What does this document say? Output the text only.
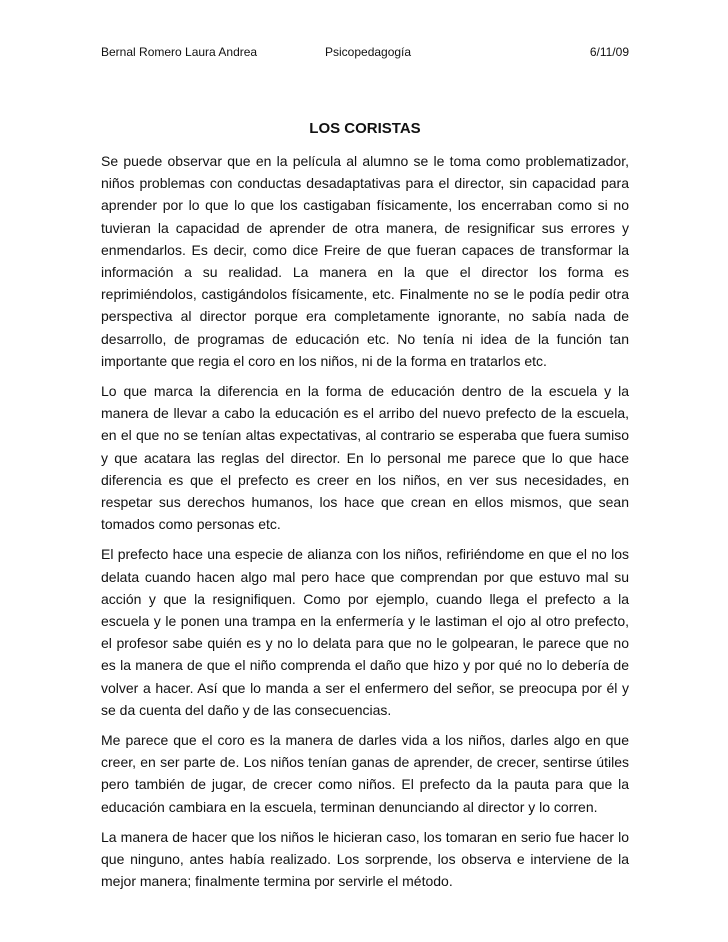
Bernal Romero Laura Andrea	Psicopedagogía	6/11/09
LOS CORISTAS

Se puede observar que en la película al alumno se le toma como problematizador, niños problemas con conductas desadaptativas para el director, sin capacidad para aprender por lo que lo que los castigaban físicamente, los encerraban como si no tuvieran la capacidad de aprender de otra manera, de resignificar sus errores y enmendarlos. Es decir, como dice Freire de que fueran capaces de transformar la información a su realidad. La manera en la que el director los forma es reprimiéndolos, castigándolos físicamente, etc. Finalmente no se le podía pedir otra perspectiva al director porque era completamente ignorante, no sabía nada de desarrollo, de programas de educación etc. No tenía ni idea de la función tan importante que regia el coro en los niños, ni de la forma en tratarlos etc.

Lo que marca la diferencia en la forma de educación dentro de la escuela y la manera de llevar a cabo la educación es el arribo del nuevo prefecto de la escuela, en el que no se tenían altas expectativas, al contrario se esperaba que fuera sumiso y que acatara las reglas del director. En lo personal me parece que lo que hace diferencia es que el prefecto es creer en los niños, en ver sus necesidades, en respetar sus derechos humanos, los hace que crean en ellos mismos, que sean tomados como personas etc.

El prefecto hace una especie de alianza con los niños, refiriéndome en que el no los delata cuando hacen algo mal pero hace que comprendan por que estuvo mal su acción y que la resignifiquen. Como por ejemplo, cuando llega el prefecto a la escuela y le ponen una trampa en la enfermería y le lastiman el ojo al otro prefecto, el profesor sabe quién es y no lo delata para que no le golpearan, le parece que no es la manera de que el niño comprenda el daño que hizo y por qué no lo debería de volver a hacer. Así que lo manda a ser el enfermero del señor, se preocupa por él y se da cuenta del daño y de las consecuencias.

Me parece que el coro es la manera de darles vida a los niños, darles algo en que creer, en ser parte de. Los niños tenían ganas de aprender, de crecer, sentirse útiles pero también de jugar, de crecer como niños. El prefecto da la pauta para que la educación cambiara en la escuela, terminan denunciando al director y lo corren.

La manera de hacer que los niños le hicieran caso, los tomaran en serio fue hacer lo que ninguno, antes había realizado. Los sorprende, los observa e interviene de la mejor manera; finalmente termina por servirle el método.
